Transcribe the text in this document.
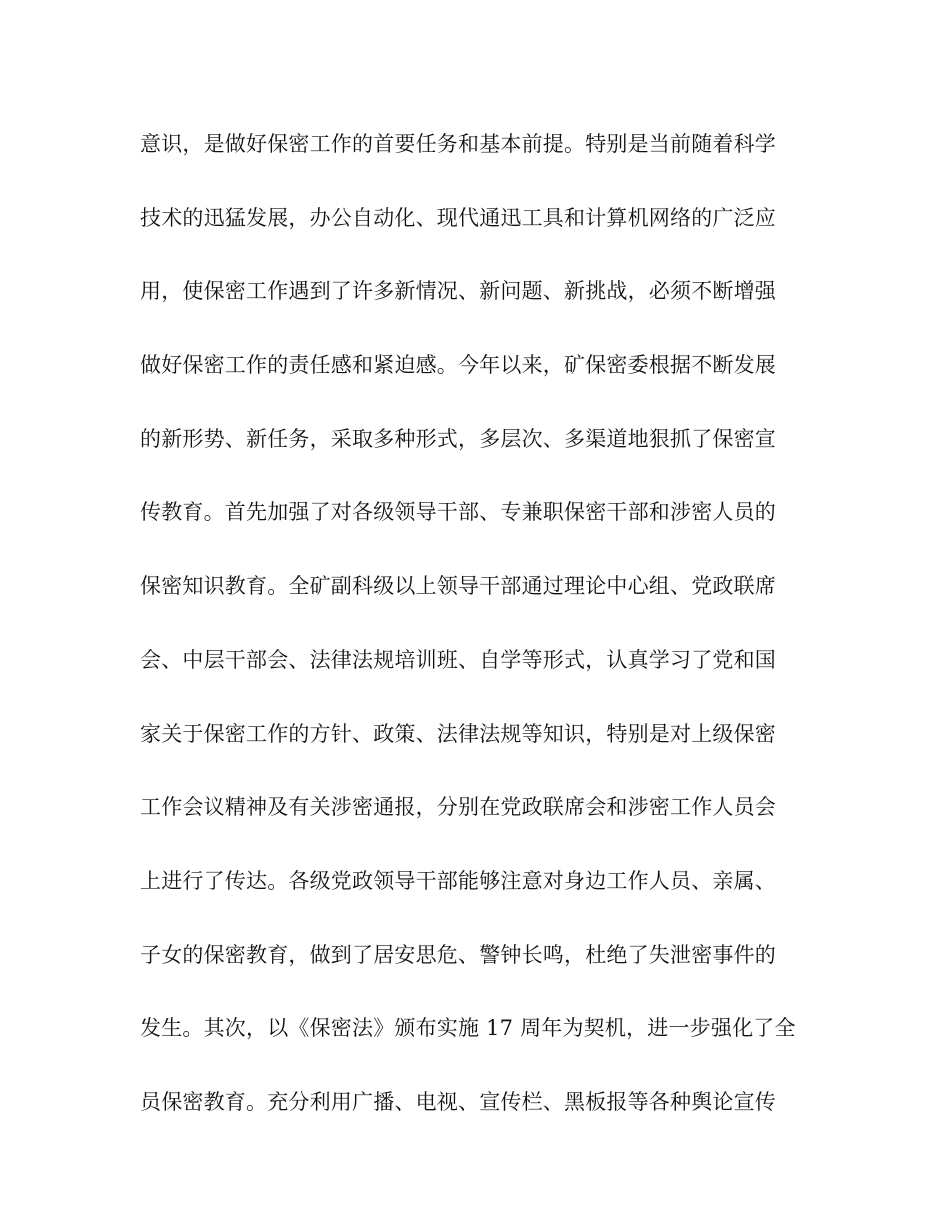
意识，是做好保密工作的首要任务和基本前提。特别是当前随着科学
技术的迅猛发展，办公自动化、现代通迅工具和计算机网络的广泛应
用，使保密工作遇到了许多新情况、新问题、新挑战，必须不断增强
做好保密工作的责任感和紧迫感。今年以来，矿保密委根据不断发展
的新形势、新任务，采取多种形式，多层次、多渠道地狠抓了保密宣
传教育。首先加强了对各级领导干部、专兼职保密干部和涉密人员的
保密知识教育。全矿副科级以上领导干部通过理论中心组、党政联席
会、中层干部会、法律法规培训班、自学等形式，认真学习了党和国
家关于保密工作的方针、政策、法律法规等知识，特别是对上级保密
工作会议精神及有关涉密通报，分别在党政联席会和涉密工作人员会
上进行了传达。各级党政领导干部能够注意对身边工作人员、亲属、
子女的保密教育，做到了居安思危、警钟长鸣，杜绝了失泄密事件的
发生。其次，以《保密法》颁布实施 17 周年为契机，进一步强化了全
员保密教育。充分利用广播、电视、宣传栏、黑板报等各种舆论宣传
